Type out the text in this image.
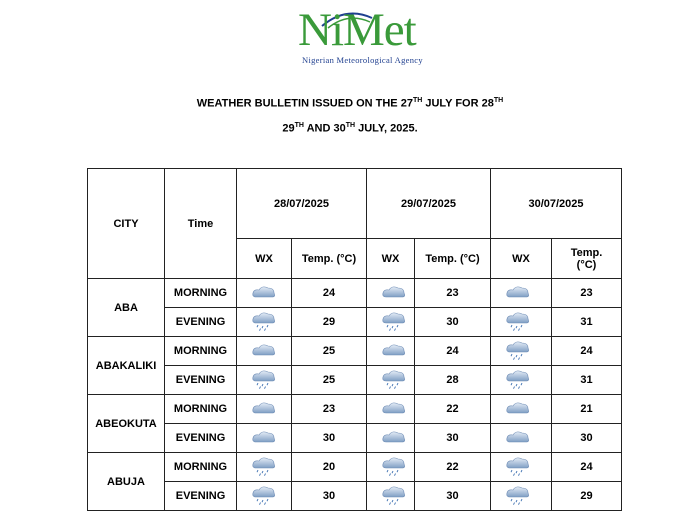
NiMet
Nigerian Meteorological Agency
WEATHER BULLETIN ISSUED ON THE 27TH JULY FOR 28TH
29TH AND 30TH JULY, 2025.
CITY	Time	28/07/2025		29/07/2025		30/07/2025	
		WX	Temp. (°C)	WX	Temp. (°C)	WX	Temp.
(°C)
ABA	MORNING		24		23		23
	EVENING		29		30		31
ABAKALIKI	MORNING		25		24		24
	EVENING		25		28		31
ABEOKUTA	MORNING		23		22		21
	EVENING		30		30		30
ABUJA	MORNING		20		22		24
	EVENING		30		30		29
